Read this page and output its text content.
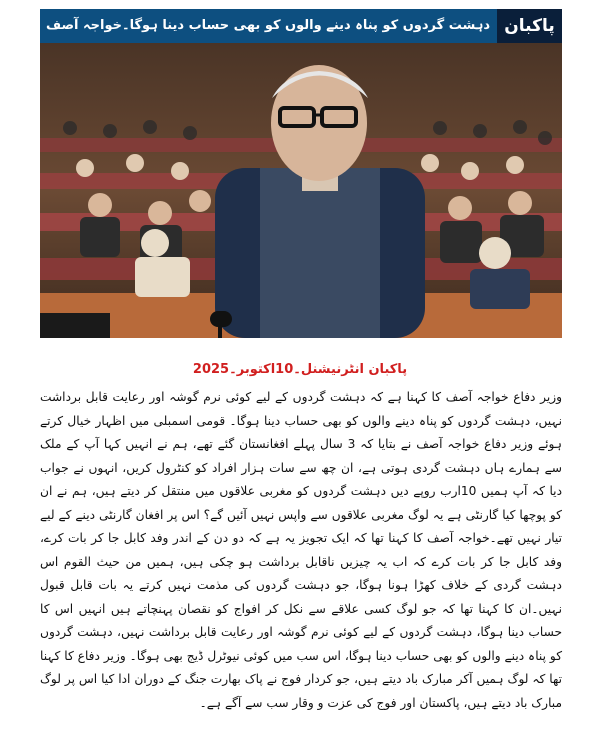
دہشت گردوں کو پناہ دینے والوں کو بھی حساب دینا ہوگا۔خواجہ آصف پاکبان
پاکبان انٹرنیشنل۔10اکتوبر۔2025
وزیر دفاع خواجہ آصف کا کہنا ہے کہ دہشت گردوں کے لیے کوئی نرم گوشہ اور رعایت قابل برداشت نہیں، دہشت گردوں کو پناہ دینے والوں کو بھی حساب دینا ہوگا۔ قومی اسمبلی میں اظہار خیال کرتے ہوئے وزیر دفاع خواجہ آصف نے بتایا کہ 3 سال پہلے افغانستان گئے تھے، ہم نے انہیں کہا آپ کے ملک سے ہمارے ہاں دہشت گردی ہوتی ہے، ان چھ سے سات ہزار افراد کو کنٹرول کریں، انہوں نے جواب دیا کہ آپ ہمیں 10ارب روپے دیں دہشت گردوں کو مغربی علاقوں میں منتقل کر دیتے ہیں، ہم نے ان کو پوچھا کیا گارنٹی ہے یہ لوگ مغربی علاقوں سے واپس نہیں آئیں گے؟ اس پر افغان گارنٹی دینے کے لیے تیار نہیں تھے۔خواجہ آصف کا کہنا تھا کہ ایک تجویز یہ ہے کہ دو دن کے اندر وفد کابل جا کر بات کرے، وفد کابل جا کر بات کرے کہ اب یہ چیزیں ناقابل برداشت ہو چکی ہیں، ہمیں من حیث القوم اس دہشت گردی کے خلاف کھڑا ہونا ہوگا، جو دہشت گردوں کی مذمت نہیں کرتے یہ بات قابل قبول نہیں۔ان کا کہنا تھا کہ جو لوگ کسی علاقے سے نکل کر افواج کو نقصان پہنچاتے ہیں انہیں اس کا حساب دینا ہوگا، دہشت گردوں کے لیے کوئی نرم گوشہ اور رعایت قابل برداشت نہیں، دہشت گردوں کو پناہ دینے والوں کو بھی حساب دینا ہوگا، اس سب میں کوئی نیوٹرل ڈیج بھی ہوگا۔ وزیر دفاع کا کہنا تھا کہ لوگ ہمیں آکر مبارک باد دیتے ہیں، جو کردار فوج نے پاک بھارت جنگ کے دوران ادا کیا اس پر لوگ مبارک باد دیتے ہیں، پاکستان اور فوج کی عزت و وقار سب سے آگے ہے۔
